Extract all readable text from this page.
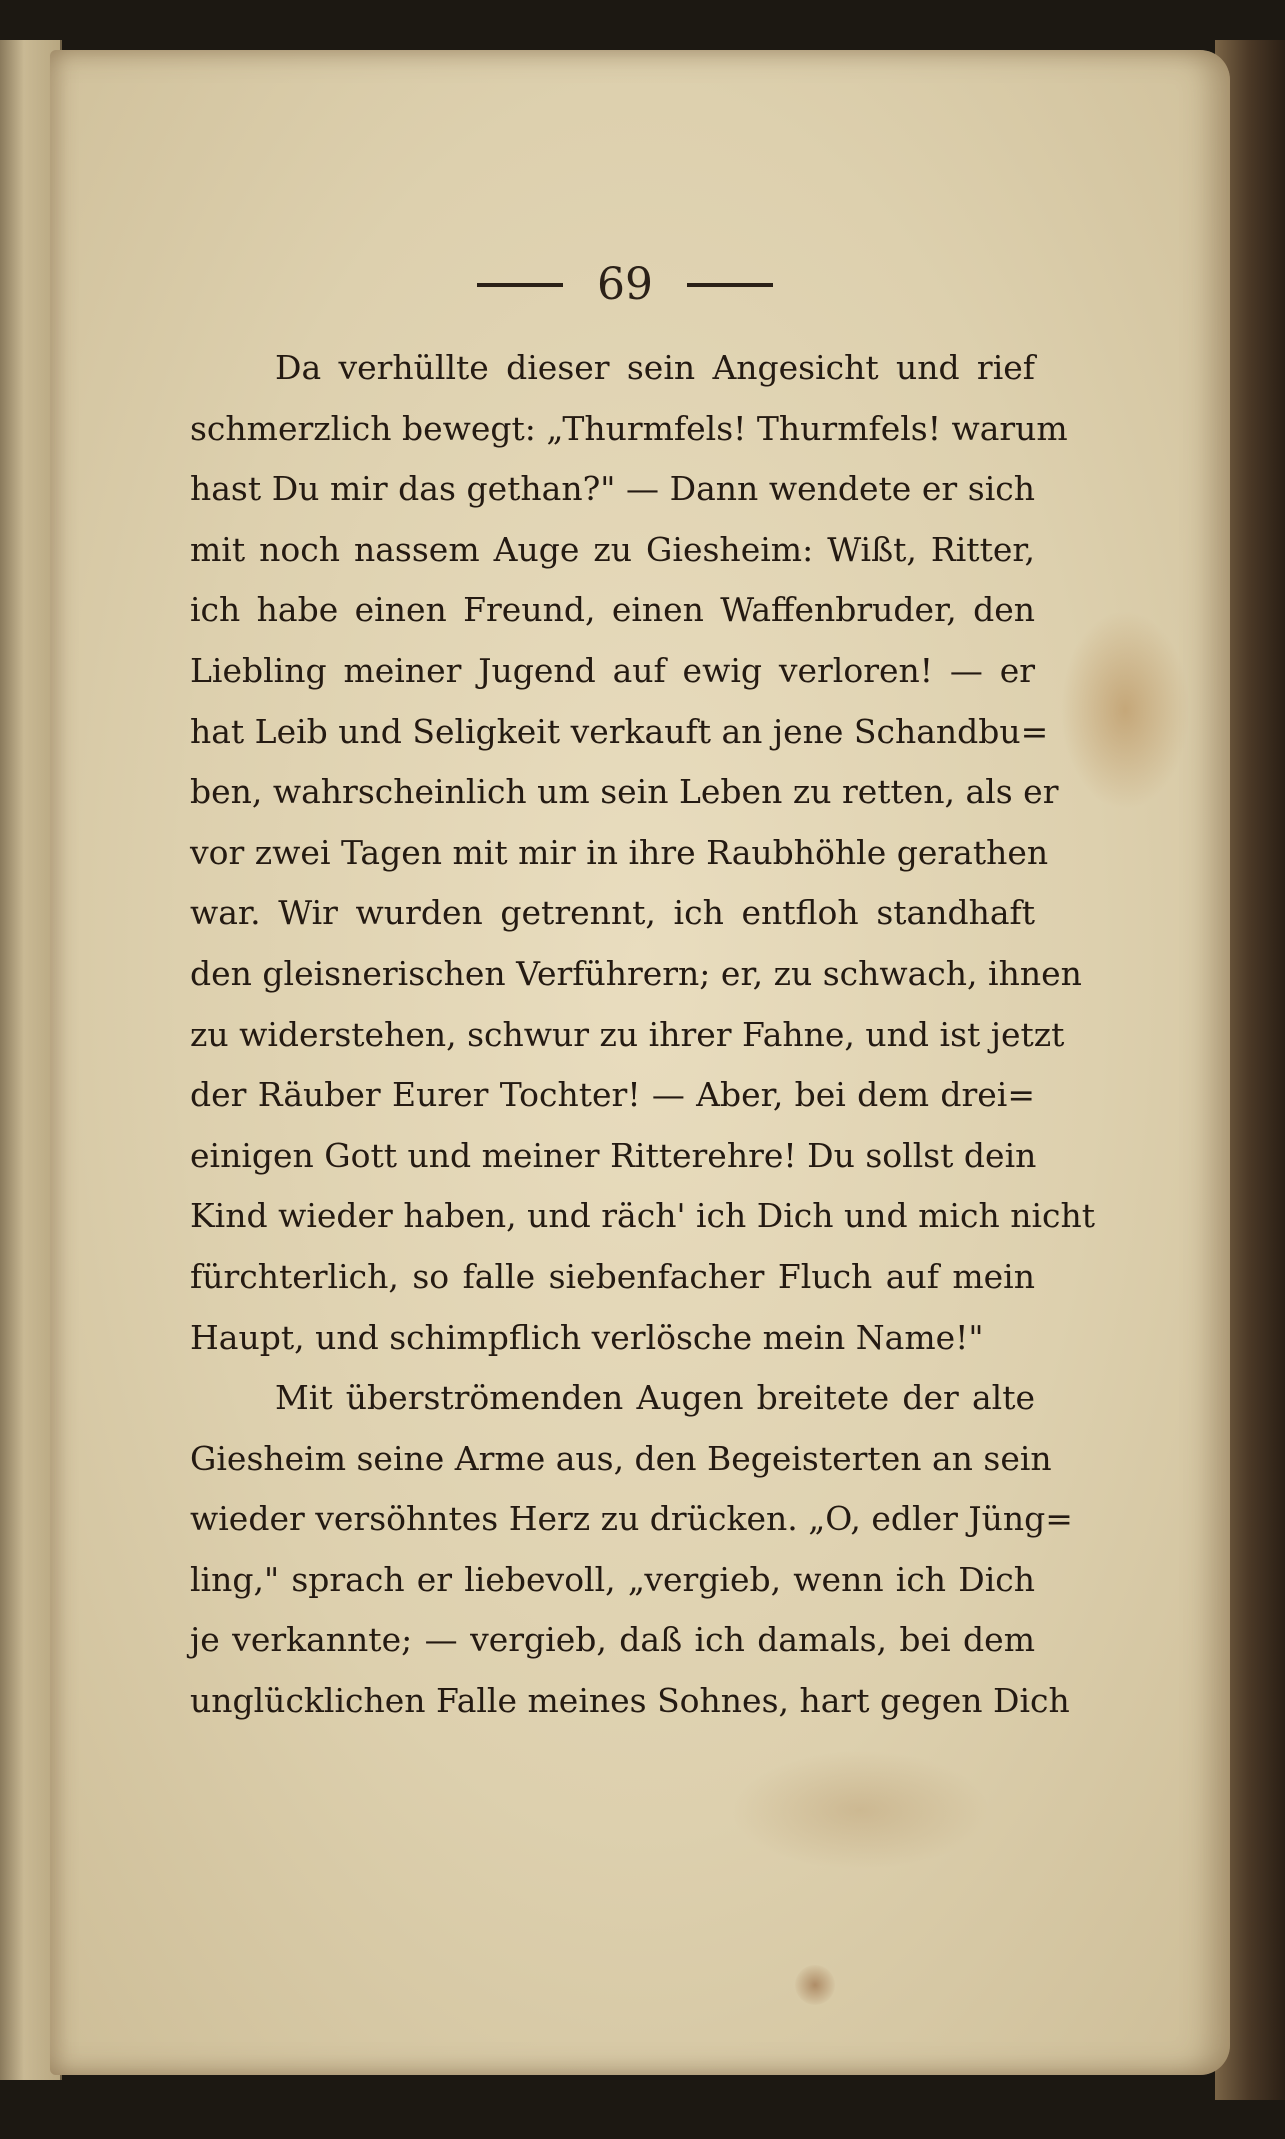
69
Da verhüllte dieser sein Angesicht und rief
schmerzlich bewegt: „Thurmfels! Thurmfels! warum
hast Du mir das gethan?" — Dann wendete er sich
mit noch nassem Auge zu Giesheim: Wißt, Ritter,
ich habe einen Freund, einen Waffenbruder, den
Liebling meiner Jugend auf ewig verloren! — er
hat Leib und Seligkeit verkauft an jene Schandbu=
ben, wahrscheinlich um sein Leben zu retten, als er
vor zwei Tagen mit mir in ihre Raubhöhle gerathen
war. Wir wurden getrennt, ich entfloh standhaft
den gleisnerischen Verführern; er, zu schwach, ihnen
zu widerstehen, schwur zu ihrer Fahne, und ist jetzt
der Räuber Eurer Tochter! — Aber, bei dem drei=
einigen Gott und meiner Ritterehre! Du sollst dein
Kind wieder haben, und räch' ich Dich und mich nicht
fürchterlich, so falle siebenfacher Fluch auf mein
Haupt, und schimpflich verlösche mein Name!"
Mit überströmenden Augen breitete der alte
Giesheim seine Arme aus, den Begeisterten an sein
wieder versöhntes Herz zu drücken. „O, edler Jüng=
ling," sprach er liebevoll, „vergieb, wenn ich Dich
je verkannte; — vergieb, daß ich damals, bei dem
unglücklichen Falle meines Sohnes, hart gegen Dich
